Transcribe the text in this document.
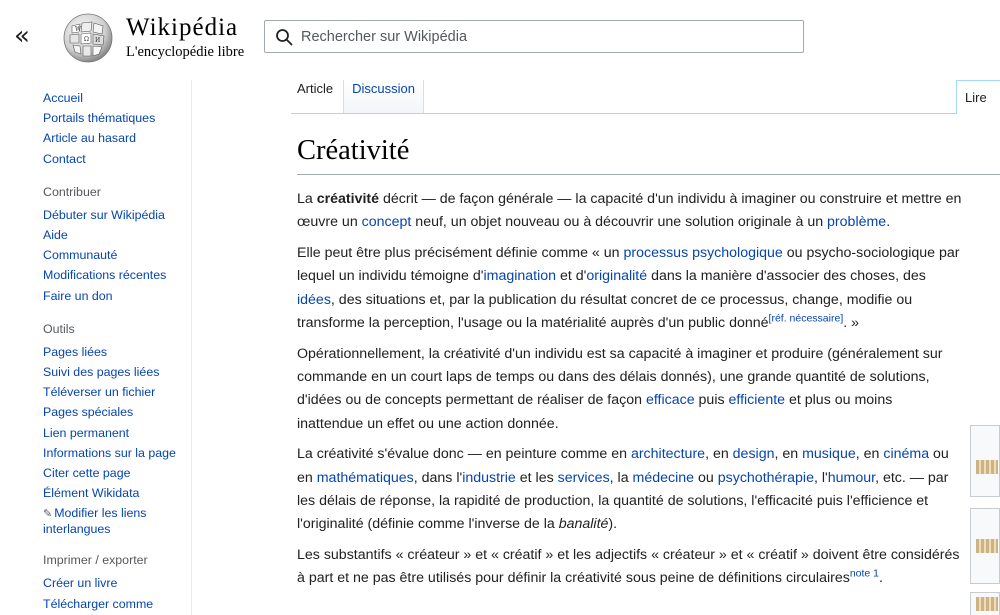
«	W
Ω И Wikipédia
L'encyclopédie libre
Rechercher sur Wikipédia
Accueil
Portails thématiques
Article au hasard
Contact
Contribuer
Débuter sur Wikipédia
Aide
Communauté
Modifications récentes
Faire un don
Outils
Pages liées
Suivi des pages liées
Téléverser un fichier
Pages spéciales
Lien permanent
Informations sur la page
Citer cette page
Élément Wikidata
✎ Modifier les liens interlangues
Imprimer / exporter
Créer un livre
Télécharger comme
Article	Discussion
Lire
Créativité

La créativité décrit — de façon générale — la capacité d'un individu à imaginer ou construire et mettre en œuvre un concept neuf, un objet nouveau ou à découvrir une solution originale à un problème.

Elle peut être plus précisément définie comme « un processus psychologique ou psycho-sociologique par lequel un individu témoigne d'imagination et d'originalité dans la manière d'associer des choses, des idées, des situations et, par la publication du résultat concret de ce processus, change, modifie ou transforme la perception, l'usage ou la matérialité auprès d'un public donné[réf. nécessaire]. »

Opérationnellement, la créativité d'un individu est sa capacité à imaginer et produire (généralement sur commande en un court laps de temps ou dans des délais donnés), une grande quantité de solutions, d'idées ou de concepts permettant de réaliser de façon efficace puis efficiente et plus ou moins inattendue un effet ou une action donnée.

La créativité s'évalue donc — en peinture comme en architecture, en design, en musique, en cinéma ou en mathématiques, dans l'industrie et les services, la médecine ou psychothérapie, l'humour, etc. — par les délais de réponse, la rapidité de production, la quantité de solutions, l'efficacité puis l'efficience et l'originalité (définie comme l'inverse de la banalité).

Les substantifs « créateur » et « créatif » et les adjectifs « créateur » et « créatif » doivent être considérés à part et ne pas être utilisés pour définir la créativité sous peine de définitions circulaires$^{note 1}$.
